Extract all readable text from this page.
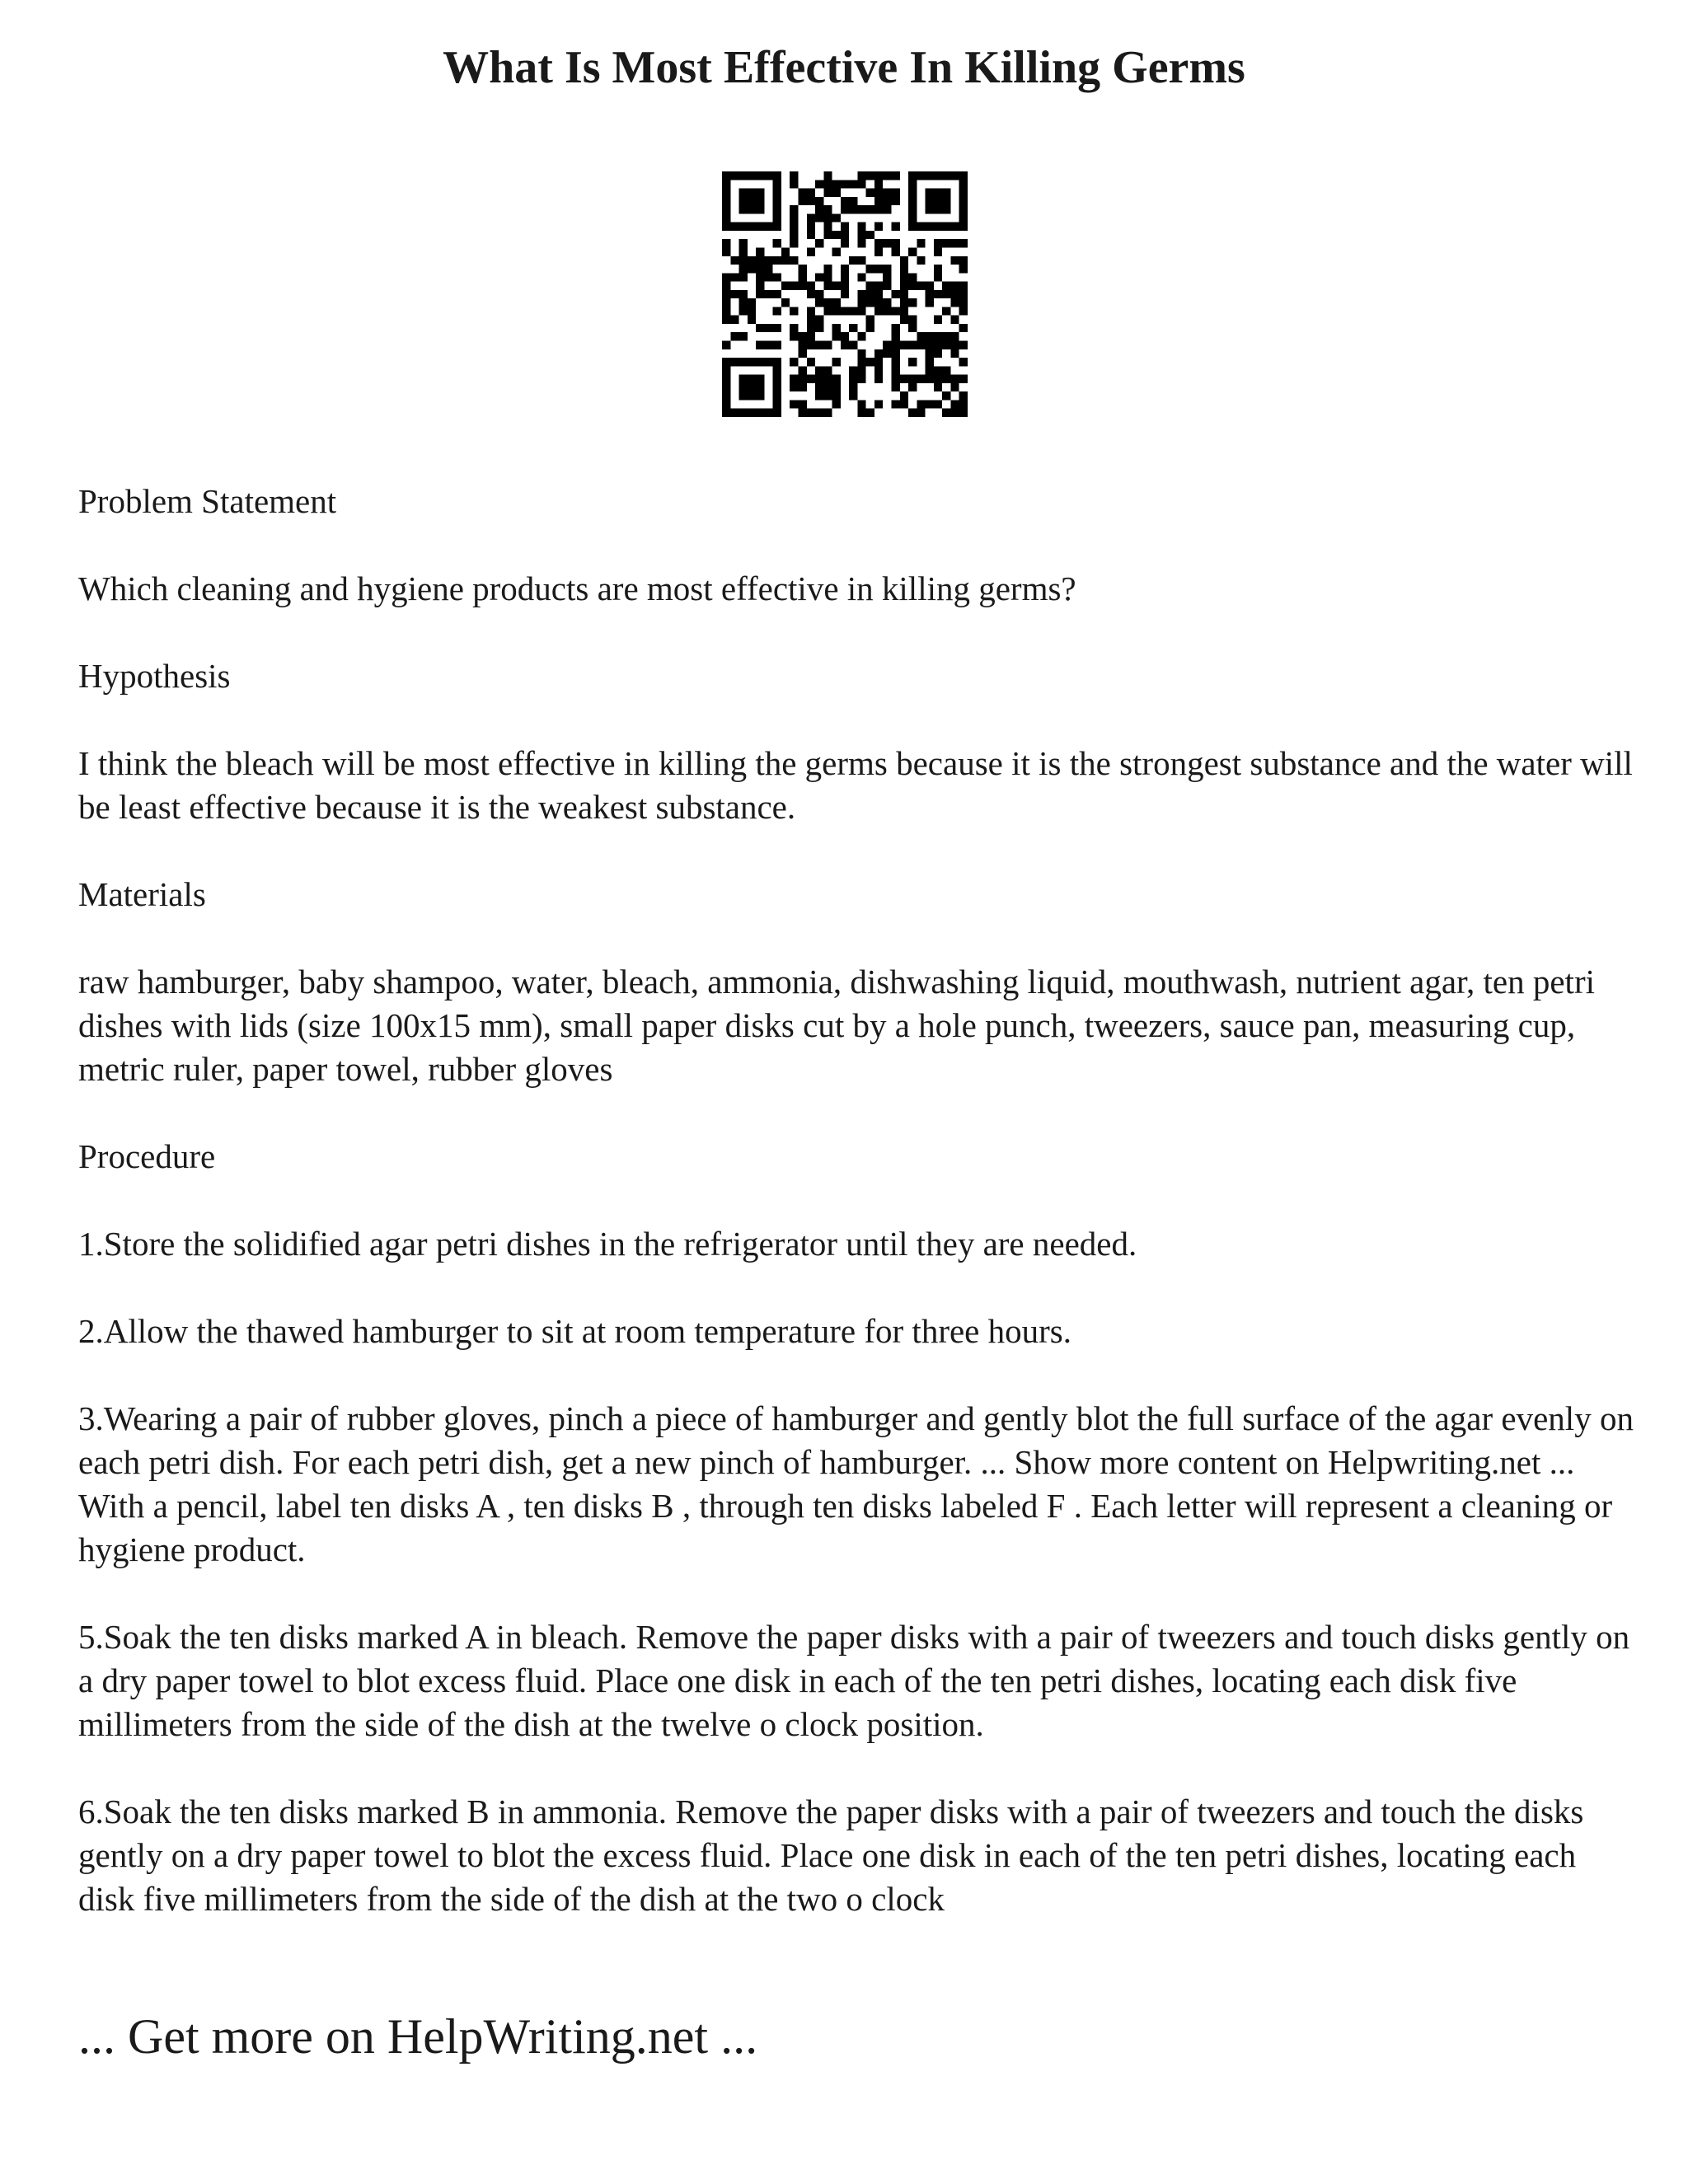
What Is Most Effective In Killing Germs

Problem Statement

Which cleaning and hygiene products are most effective in killing germs?

Hypothesis

I think the bleach will be most effective in killing the germs because it is the strongest substance and the water will be least effective because it is the weakest substance.

Materials

raw hamburger, baby shampoo, water, bleach, ammonia, dishwashing liquid, mouthwash, nutrient agar, ten petri dishes with lids (size 100x15 mm), small paper disks cut by a hole punch, tweezers, sauce pan, measuring cup, metric ruler, paper towel, rubber gloves

Procedure

1.Store the solidified agar petri dishes in the refrigerator until they are needed.

2.Allow the thawed hamburger to sit at room temperature for three hours.

3.Wearing a pair of rubber gloves, pinch a piece of hamburger and gently blot the full surface of the agar evenly on each petri dish. For each petri dish, get a new pinch of hamburger. ... Show more content on Helpwriting.net ...

With a pencil, label ten disks A , ten disks B , through ten disks labeled F . Each letter will represent a cleaning or hygiene product.

5.Soak the ten disks marked A in bleach. Remove the paper disks with a pair of tweezers and touch disks gently on a dry paper towel to blot excess fluid. Place one disk in each of the ten petri dishes, locating each disk five millimeters from the side of the dish at the twelve o clock position.

6.Soak the ten disks marked B in ammonia. Remove the paper disks with a pair of tweezers and touch the disks gently on a dry paper towel to blot the excess fluid. Place one disk in each of the ten petri dishes, locating each disk five millimeters from the side of the dish at the two o clock

... Get more on HelpWriting.net ...
